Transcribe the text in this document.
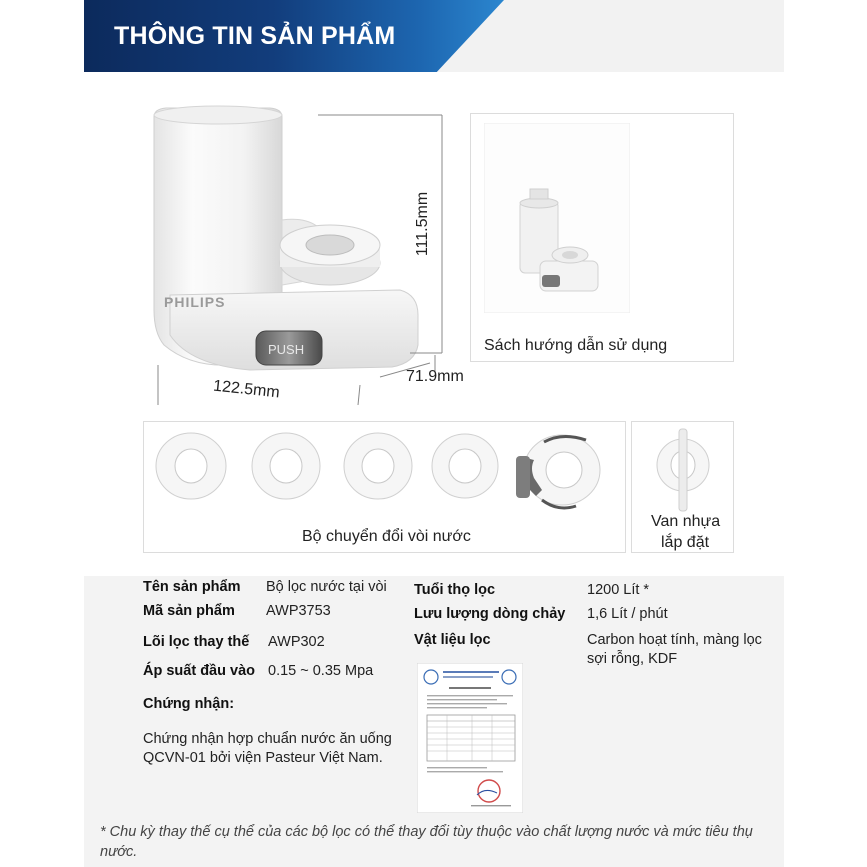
THÔNG TIN SẢN PHẨM
PUSH
PHILIPS
111.5mm
122.5mm
71.9mm
Sách hướng dẫn sử dụng
Bộ chuyển đổi vòi nước
Van nhựa
lắp đặt
Tên sản phẩm Bộ lọc nước tại vòi
Mã sản phẩm AWP3753
Lõi lọc thay thế AWP302
Áp suất đầu vào 0.15 ~ 0.35 Mpa
Tuổi thọ lọc	1200 Lít *
Lưu lượng dòng chảy 1,6 Lít / phút
Vật liệu lọc	Carbon hoạt tính, màng lọc
sợi rỗng, KDF
Chứng nhận:
Chứng nhận hợp chuẩn nước ăn uống
QCVN-01 bởi viện Pasteur Việt Nam.
* Chu kỳ thay thế cụ thể của các bộ lọc có thể thay đổi tùy thuộc vào chất lượng nước và mức tiêu thụ nước.
